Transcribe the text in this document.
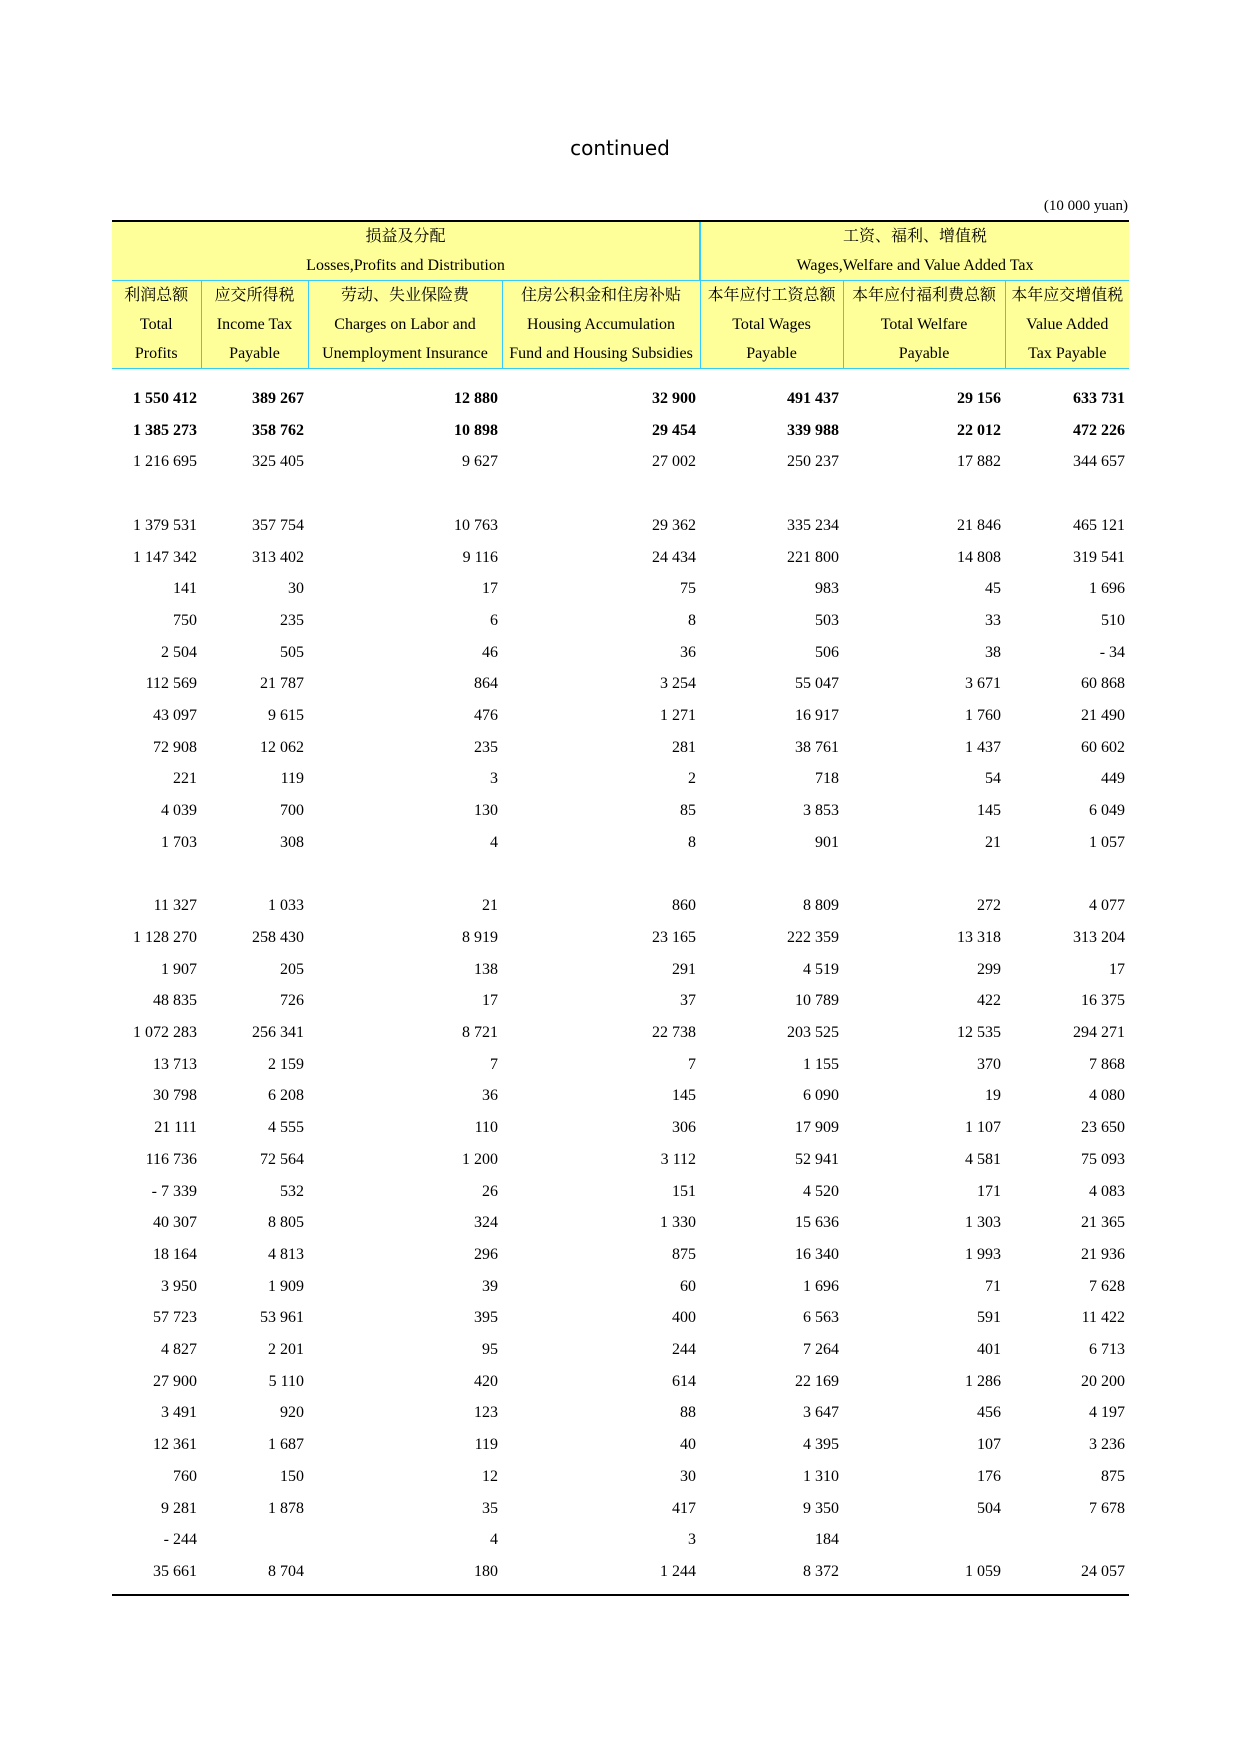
continued
(10 000 yuan)
损益及分配				工资、福利、增值税		
Losses,Profits and Distribution				Wages,Welfare and Value Added Tax		
利润总额	应交所得税	劳动、失业保险费	住房公积金和住房补贴	本年应付工资总额	本年应付福利费总额	本年应交增值税
Total	Income Tax	Charges on Labor and	Housing Accumulation	Total Wages	Total Welfare	Value Added
Profits	Payable	Unemployment Insurance	Fund and Housing Subsidies	Payable	Payable	Tax Payable
1 550 412	389 267	12 880	32 900	491 437	29 156	633 731
1 385 273	358 762	10 898	29 454	339 988	22 012	472 226
1 216 695	325 405	9 627	27 002	250 237	17 882	344 657

1 379 531	357 754	10 763	29 362	335 234	21 846	465 121
1 147 342	313 402	9 116	24 434	221 800	14 808	319 541
141	30	17	75	983	45	1 696
750	235	6	8	503	33	510
2 504	505	46	36	506	38	- 34
112 569	21 787	864	3 254	55 047	3 671	60 868
43 097	9 615	476	1 271	16 917	1 760	21 490
72 908	12 062	235	281	38 761	1 437	60 602
221	119	3	2	718	54	449
4 039	700	130	85	3 853	145	6 049
1 703	308	4	8	901	21	1 057

11 327	1 033	21	860	8 809	272	4 077
1 128 270	258 430	8 919	23 165	222 359	13 318	313 204
1 907	205	138	291	4 519	299	17
48 835	726	17	37	10 789	422	16 375
1 072 283	256 341	8 721	22 738	203 525	12 535	294 271
13 713	2 159	7	7	1 155	370	7 868
30 798	6 208	36	145	6 090	19	4 080
21 111	4 555	110	306	17 909	1 107	23 650
116 736	72 564	1 200	3 112	52 941	4 581	75 093
- 7 339	532	26	151	4 520	171	4 083
40 307	8 805	324	1 330	15 636	1 303	21 365
18 164	4 813	296	875	16 340	1 993	21 936
3 950	1 909	39	60	1 696	71	7 628
57 723	53 961	395	400	6 563	591	11 422
4 827	2 201	95	244	7 264	401	6 713
27 900	5 110	420	614	22 169	1 286	20 200
3 491	920	123	88	3 647	456	4 197
12 361	1 687	119	40	4 395	107	3 236
760	150	12	30	1 310	176	875
9 281	1 878	35	417	9 350	504	7 678
- 244		4	3	184		
35 661	8 704	180	1 244	8 372	1 059	24 057
